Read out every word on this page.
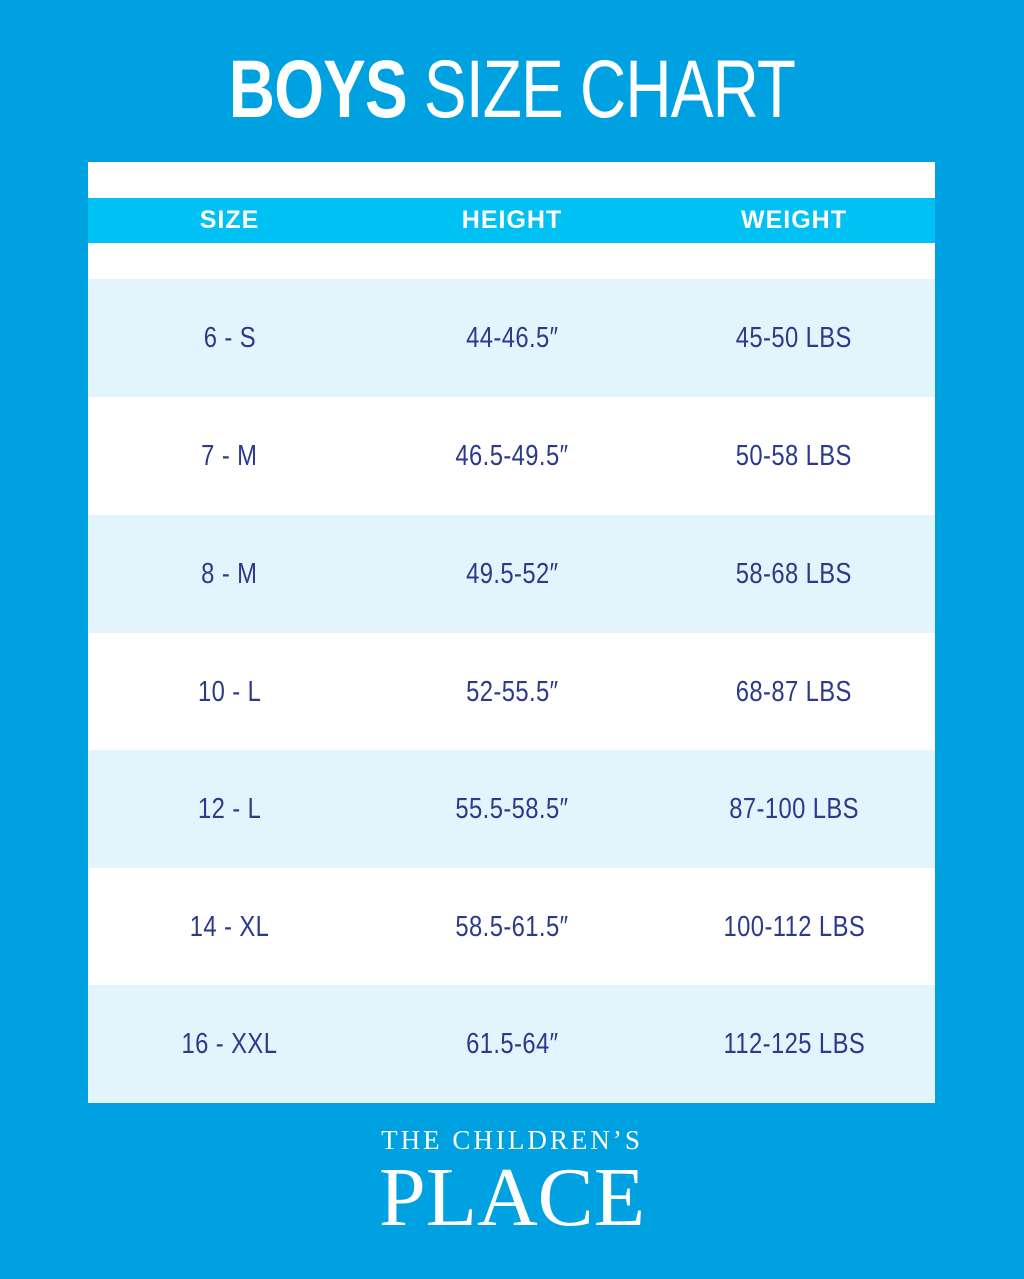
BOYS SIZE CHART
SIZE	HEIGHT	WEIGHT
6 - S	44-46.5″	45-50 LBS
7 - M	46.5-49.5″	50-58 LBS
8 - M	49.5-52″	58-68 LBS
10 - L	52-55.5″	68-87 LBS
12 - L	55.5-58.5″	87-100 LBS
14 - XL	58.5-61.5″	100-112 LBS
16 - XXL	61.5-64″	112-125 LBS
THE CHILDREN’S
PLACE
